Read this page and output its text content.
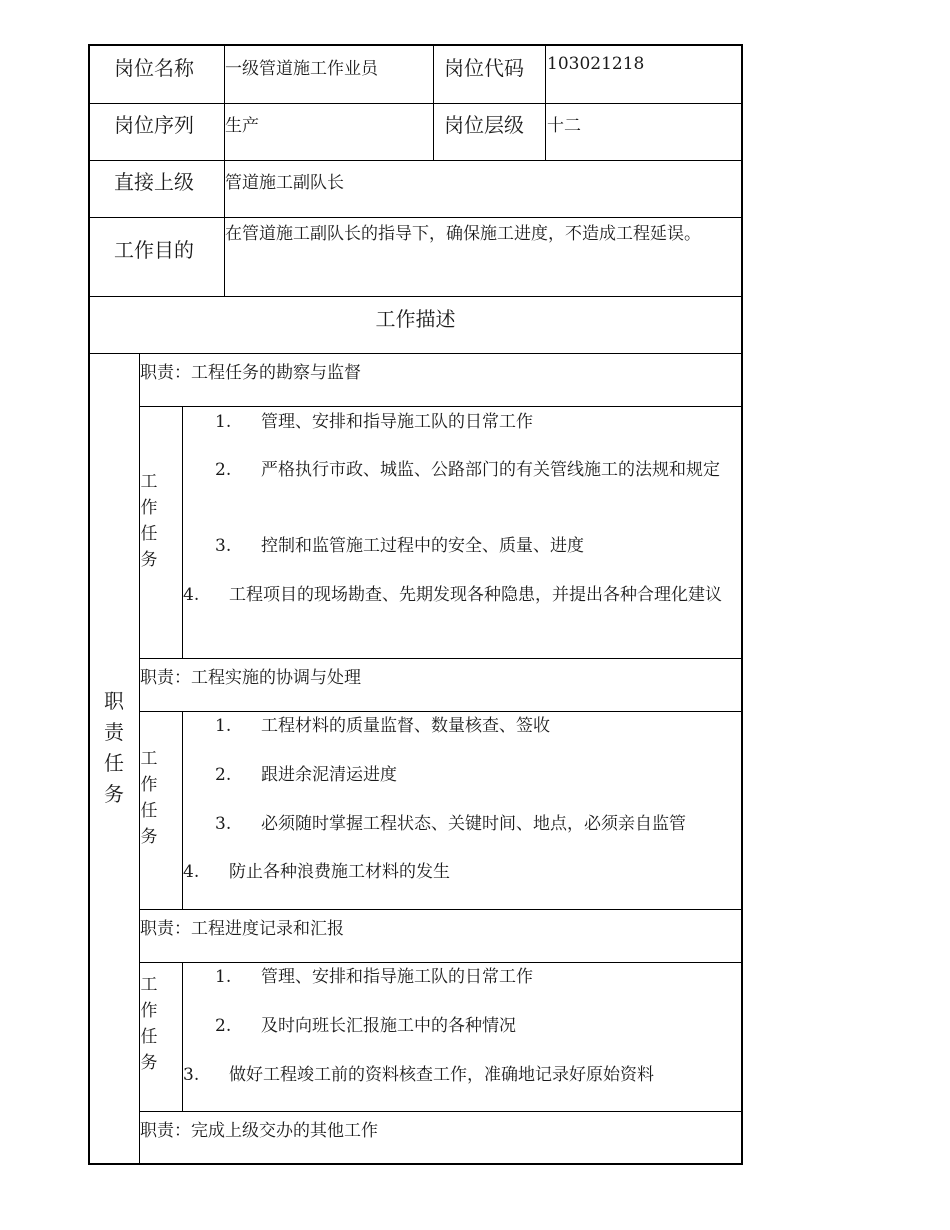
岗位名称 一级管道施工作业员	岗位代码 103021218
岗位序列 生产	岗位层级 十二
直接上级 管道施工副队长
工作目的
在管道施工副队长的指导下，确保施工进度，不造成工程延误。
工作描述
职
责
任
务
职责：工程任务的勘察与监督
工
作
任
务
1. 管理、安排和指导施工队的日常工作
2. 严格执行市政、城监、公路部门的有关管线施工的法规和规定
3. 控制和监管施工过程中的安全、质量、进度
4. 工程项目的现场勘查、先期发现各种隐患，并提出各种合理化建议
职责：工程实施的协调与处理
工
作
任
务
1. 工程材料的质量监督、数量核查、签收
2. 跟进余泥清运进度
3. 必须随时掌握工程状态、关键时间、地点，必须亲自监管
4. 防止各种浪费施工材料的发生
职责：工程进度记录和汇报
工
作
任
务
1. 管理、安排和指导施工队的日常工作
2. 及时向班长汇报施工中的各种情况
3. 做好工程竣工前的资料核查工作，准确地记录好原始资料
职责：完成上级交办的其他工作
